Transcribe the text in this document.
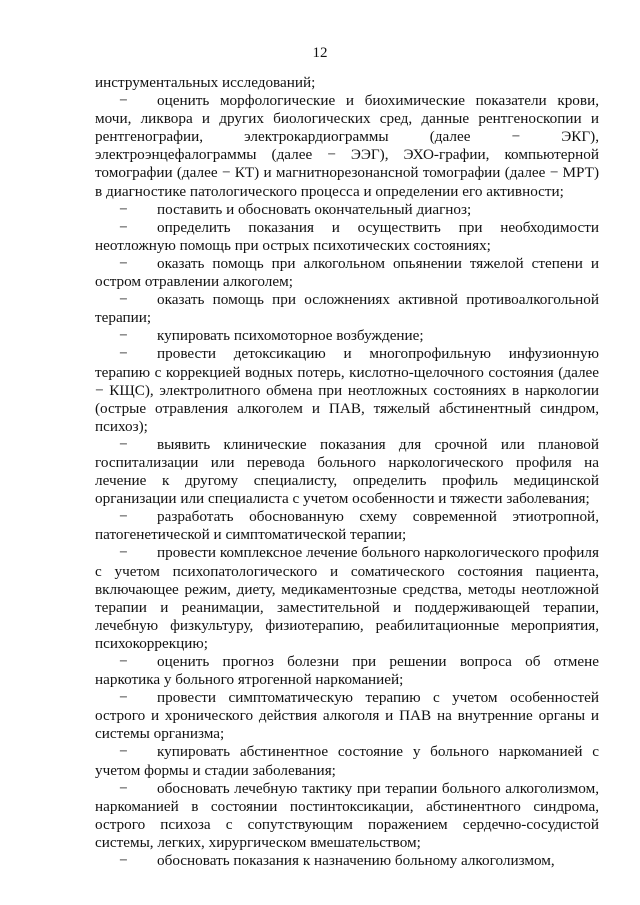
12

инструментальных исследований;

− оценить морфологические и биохимические показатели крови, мочи, ликвора и других биологических сред, данные рентгеноскопии и рентгенографии, электрокардиограммы (далее − ЭКГ), электроэнцефалограммы (далее − ЭЭГ), ЭХО-графии, компьютерной томографии (далее − КТ) и магнитнорезонансной томографии (далее − МРТ) в диагностике патологического процесса и определении его активности;

− поставить и обосновать окончательный диагноз;

− определить показания и осуществить при необходимости неотложную помощь при острых психотических состояниях;

− оказать помощь при алкогольном опьянении тяжелой степени и остром отравлении алкоголем;

− оказать помощь при осложнениях активной противоалкогольной терапии;

− купировать психомоторное возбуждение;

− провести детоксикацию и многопрофильную инфузионную терапию с коррекцией водных потерь, кислотно-щелочного состояния (далее − КЩС), электролитного обмена при неотложных состояниях в наркологии (острые отравления алкоголем и ПАВ, тяжелый абстинентный синдром, психоз);

− выявить клинические показания для срочной или плановой госпитализации или перевода больного наркологического профиля на лечение к другому специалисту, определить профиль медицинской организации или специалиста с учетом особенности и тяжести заболевания;

− разработать обоснованную схему современной этиотропной, патогенетической и симптоматической терапии;

− провести комплексное лечение больного наркологического профиля с учетом психопатологического и соматического состояния пациента, включающее режим, диету, медикаментозные средства, методы неотложной терапии и реанимации, заместительной и поддерживающей терапии, лечебную физкультуру, физиотерапию, реабилитационные мероприятия, психокоррекцию;

− оценить прогноз болезни при решении вопроса об отмене наркотика у больного ятрогенной наркоманией;

− провести симптоматическую терапию с учетом особенностей острого и хронического действия алкоголя и ПАВ на внутренние органы и системы организма;

− купировать абстинентное состояние у больного наркоманией с учетом формы и стадии заболевания;

− обосновать лечебную тактику при терапии больного алкоголизмом, наркоманией в состоянии постинтоксикации, абстинентного синдрома, острого психоза с сопутствующим поражением сердечно-сосудистой системы, легких, хирургическом вмешательством;

− обосновать показания к назначению больному алкоголизмом,
